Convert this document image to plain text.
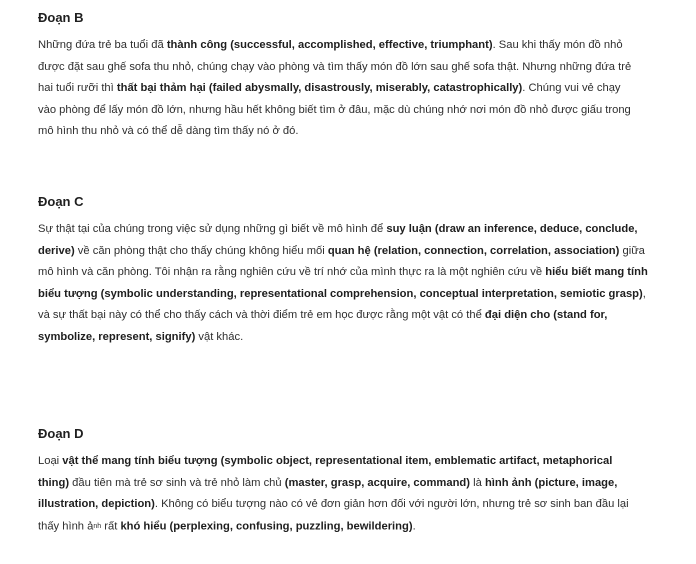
Đoạn B

Những đứa trẻ ba tuổi đã thành công (successful, accomplished, effective, triumphant). Sau khi thấy món đồ nhỏ được đặt sau ghế sofa thu nhỏ, chúng chạy vào phòng và tìm thấy món đồ lớn sau ghế sofa thật. Nhưng những đứa trẻ hai tuổi rưỡi thì thất bại thảm hại (failed abysmally, disastrously, miserably, catastrophically). Chúng vui vẻ chạy vào phòng để lấy món đồ lớn, nhưng hầu hết không biết tìm ở đâu, mặc dù chúng nhớ nơi món đồ nhỏ được giấu trong mô hình thu nhỏ và có thể dễ dàng tìm thấy nó ở đó.

Đoạn C

Sự thật tại của chúng trong việc sử dụng những gì biết về mô hình để suy luận (draw an inference, deduce, conclude, derive) về căn phòng thật cho thấy chúng không hiểu mối quan hệ (relation, connection, correlation, association) giữa mô hình và căn phòng. Tôi nhận ra rằng nghiên cứu về trí nhớ của mình thực ra là một nghiên cứu về hiểu biết mang tính biểu tượng (symbolic understanding, representational comprehension, conceptual interpretation, semiotic grasp), và sự thất bại này có thể cho thấy cách và thời điểm trẻ em học được rằng một vật có thể đại diện cho (stand for, symbolize, represent, signify) vật khác.

Đoạn D

Loại vật thể mang tính biểu tượng (symbolic object, representational item, emblematic artifact, metaphorical thing) đầu tiên mà trẻ sơ sinh và trẻ nhỏ làm chủ (master, grasp, acquire, command) là hình ảnh (picture, image, illustration, depiction). Không có biểu tượng nào có vẻ đơn giản hơn đối với người lớn, nhưng trẻ sơ sinh ban đầu lại thấy hình ảnh rất khó hiểu (perplexing, confusing, puzzling, bewildering).
